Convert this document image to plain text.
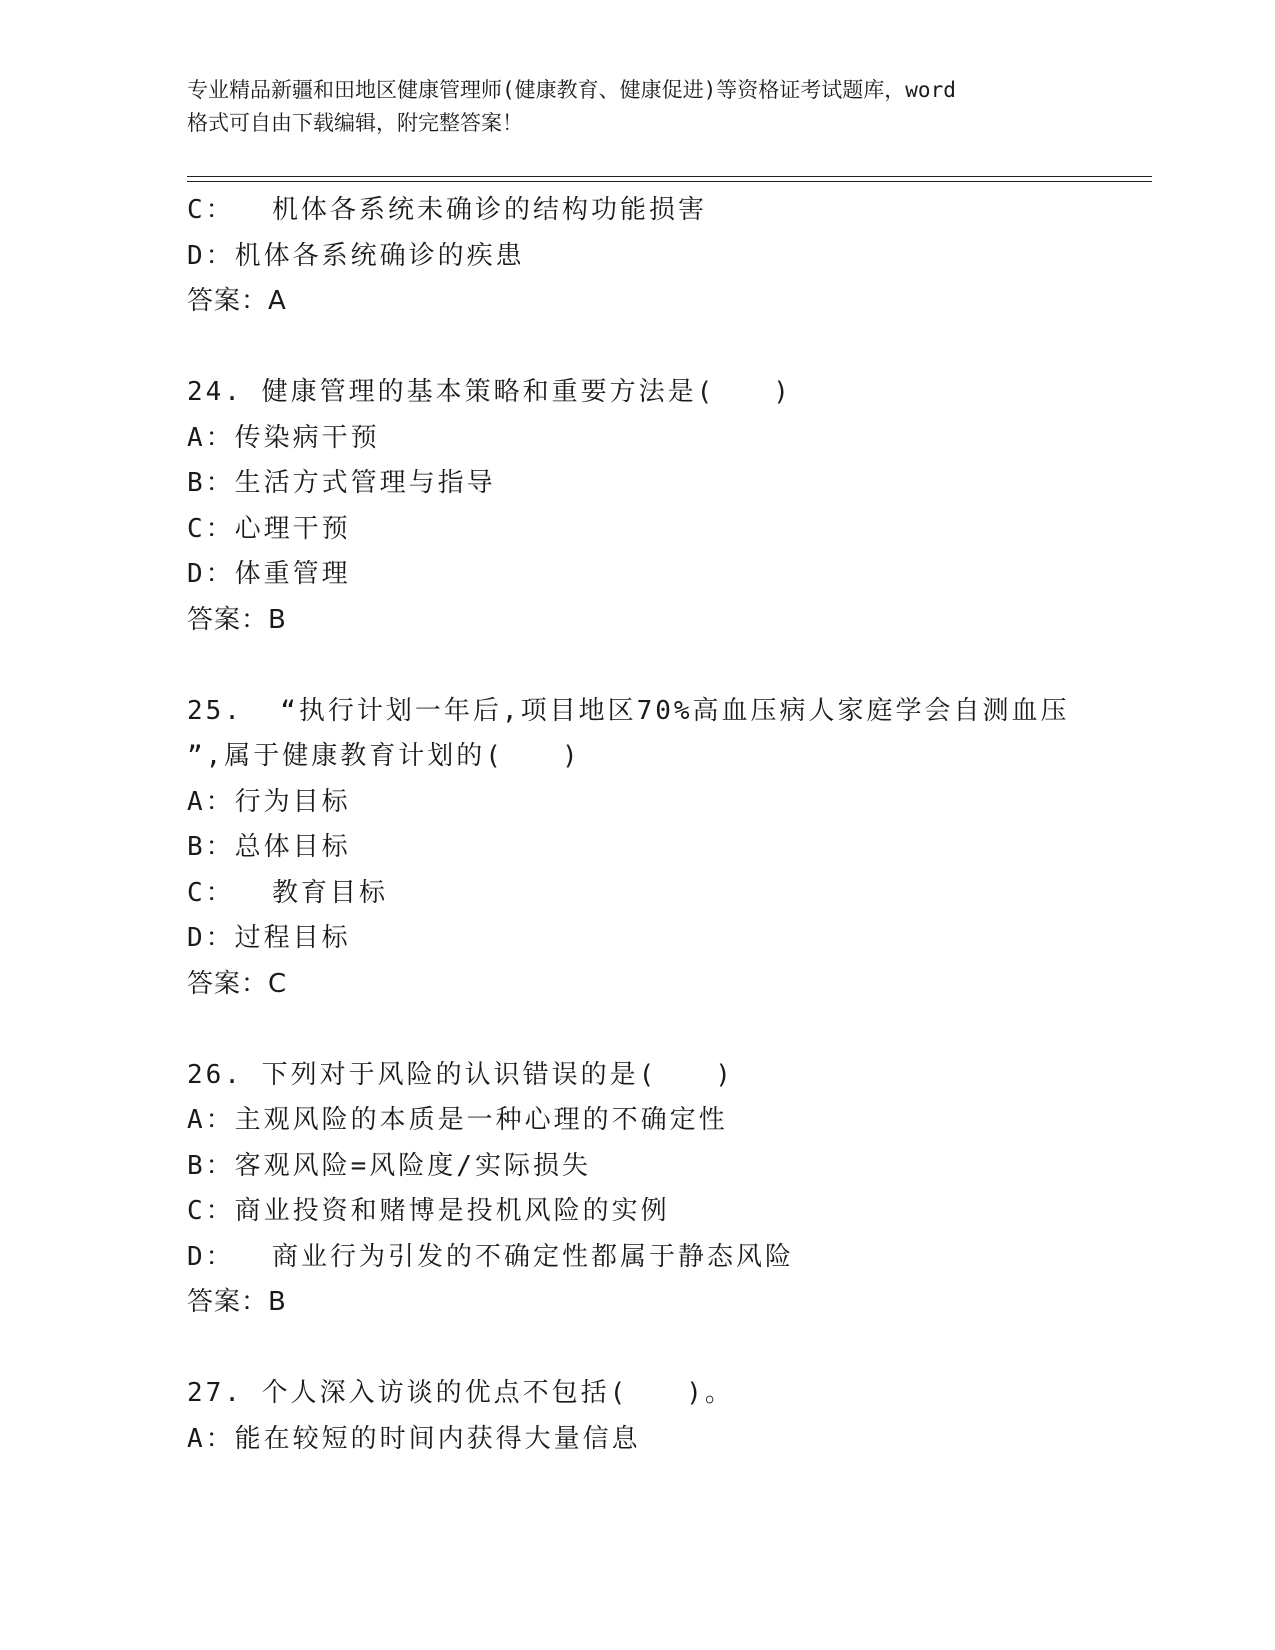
专业精品新疆和田地区健康管理师(健康教育、健康促进)等资格证考试题库，word
格式可自由下载编辑，附完整答案！
C：  机体各系统未确诊的结构功能损害
D：机体各系统确诊的疾患
答案：A
24. 健康管理的基本策略和重要方法是(　　)
A：传染病干预
B：生活方式管理与指导
C：心理干预
D：体重管理
答案：B
25.  “执行计划一年后,项目地区70%高血压病人家庭学会自测血压
”,属于健康教育计划的(　　)
A：行为目标
B：总体目标
C：  教育目标
D：过程目标
答案：C
26. 下列对于风险的认识错误的是(　　)
A：主观风险的本质是一种心理的不确定性
B：客观风险=风险度/实际损失
C：商业投资和赌博是投机风险的实例
D：  商业行为引发的不确定性都属于静态风险
答案：B
27. 个人深入访谈的优点不包括(　　)。
A：能在较短的时间内获得大量信息
